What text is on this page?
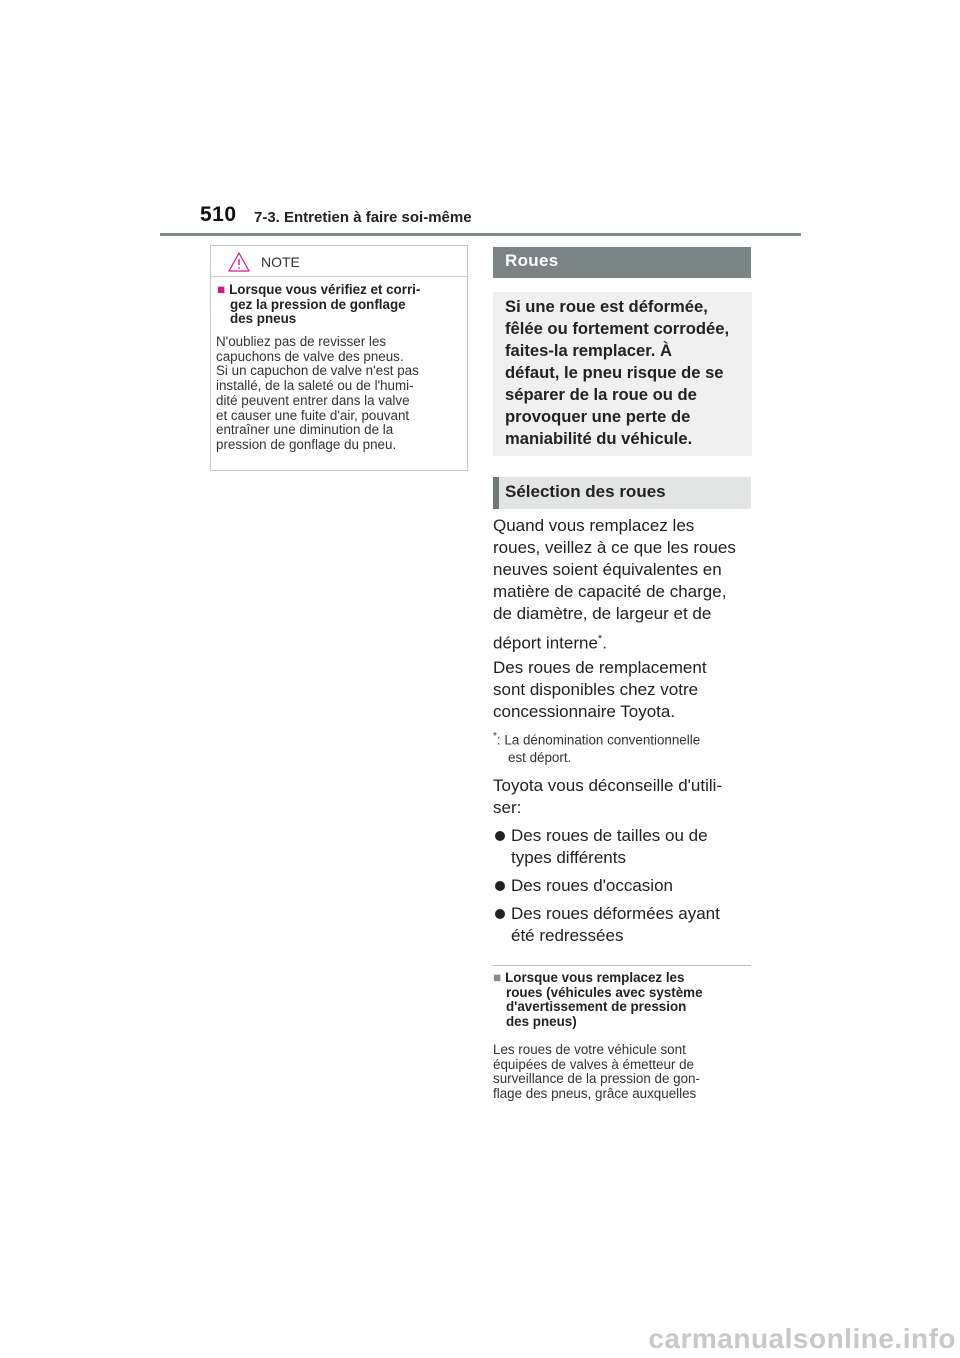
510 7-3. Entretien à faire soi-même
NOTE
■ Lorsque vous vérifiez et corri-
gez la pression de gonflage
des pneus

N'oubliez pas de revisser les

capuchons de valve des pneus.

Si un capuchon de valve n'est pas

installé, de la saleté ou de l'humi-

dité peuvent entrer dans la valve

et causer une fuite d'air, pouvant

entraîner une diminution de la

pression de gonflage du pneu.

Roues
Si une roue est déformée,
fêlée ou fortement corrodée,
faites-la remplacer. À
défaut, le pneu risque de se
séparer de la roue ou de
provoquer une perte de
maniabilité du véhicule.
Sélection des roues
Quand vous remplacez les
roues, veillez à ce que les roues
neuves soient équivalentes en
matière de capacité de charge,
de diamètre, de largeur et de
déport interne*.
Des roues de remplacement
sont disponibles chez votre
concessionnaire Toyota.
*: La dénomination conventionnelle
est déport.
Toyota vous déconseille d'utili-
ser:
Des roues de tailles ou de
types différents
Des roues d'occasion
Des roues déformées ayant
été redressées
■ Lorsque vous remplacez les
roues (véhicules avec système
d'avertissement de pression
des pneus)
Les roues de votre véhicule sont
équipées de valves à émetteur de
surveillance de la pression de gon-
flage des pneus, grâce auxquelles
carmanualsonline.info
